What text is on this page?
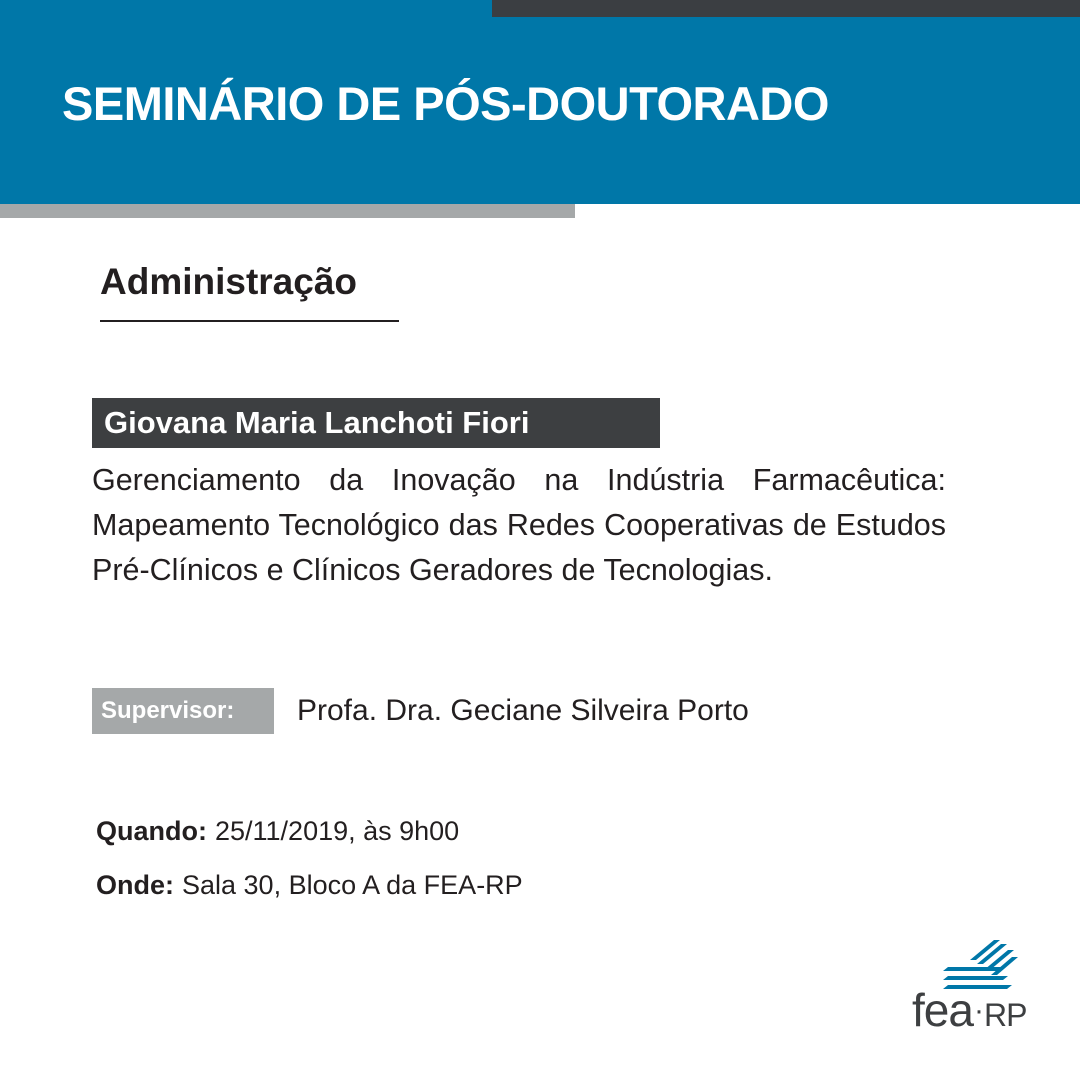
SEMINÁRIO DE PÓS-DOUTORADO
Administração
Giovana Maria Lanchoti Fiori

Gerenciamento da Inovação na Indústria Farmacêutica: Mapeamento Tecnológico das Redes Cooperativas de Estudos Pré-Clínicos e Clínicos Geradores de Tecnologias.

Supervisor: Profa. Dra. Geciane Silveira Porto
Quando: 25/11/2019, às 9h00
Onde: Sala 30, Bloco A da FEA-RP
fea·RP
